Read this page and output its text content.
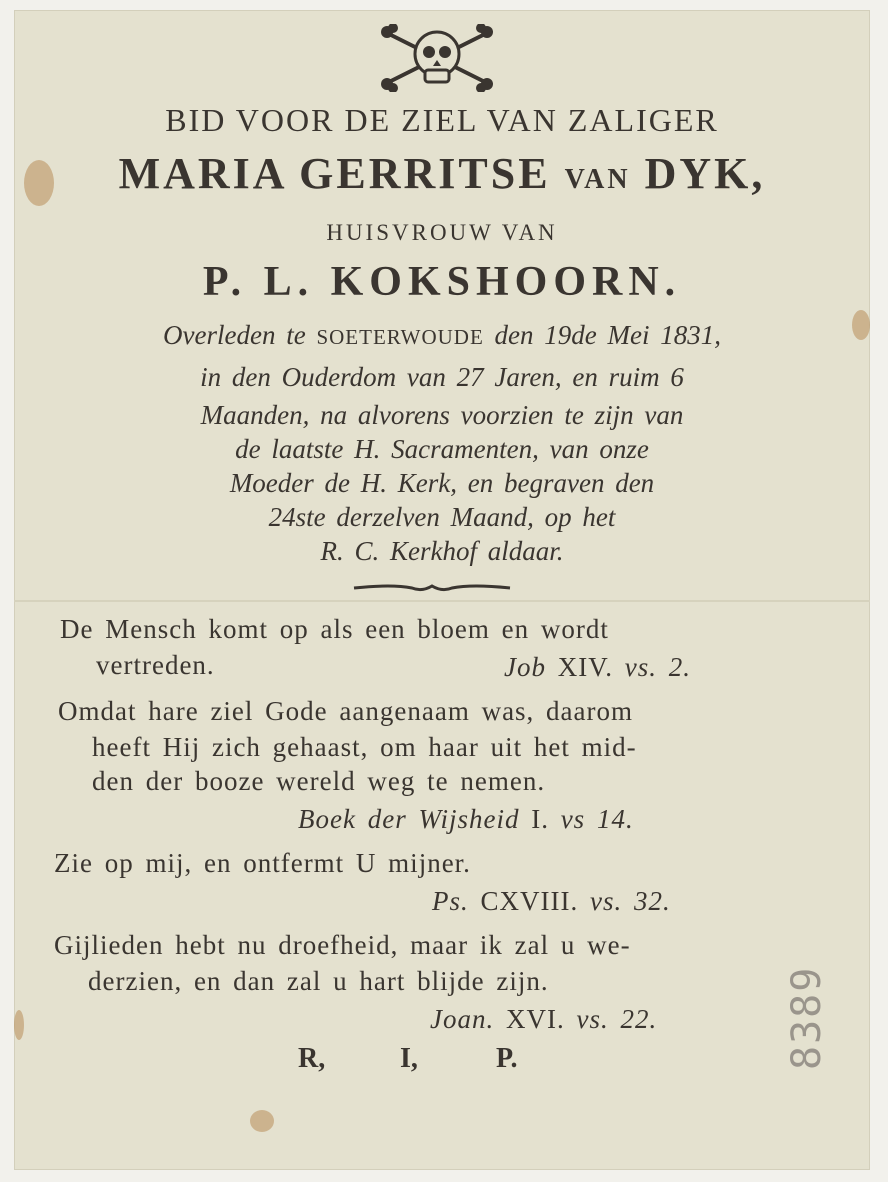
BID VOOR DE ZIEL VAN ZALIGER
MARIA GERRITSE VAN DYK,
HUISVROUW VAN
P. L. KOKSHOORN.
Overleden te SOETERWOUDE den 19de Mei 1831,
in den Ouderdom van 27 Jaren, en ruim 6
Maanden, na alvorens voorzien te zijn van
de laatste H. Sacramenten, van onze
Moeder de H. Kerk, en begraven den
24ste derzelven Maand, op het
R. C. Kerkhof aldaar.
De Mensch komt op als een bloem en wordt
vertreden.	Job XIV. vs. 2.
Omdat hare ziel Gode aangenaam was, daarom
heeft Hij zich gehaast, om haar uit het mid-
den der booze wereld weg te nemen.
Boek der Wijsheid I. vs 14.
Zie op mij, en ontfermt U mijner.
Ps. CXVIII. vs. 32.
Gijlieden hebt nu droefheid, maar ik zal u we-
derzien, en dan zal u hart blijde zijn.
Joan. XVI. vs. 22.
R,	I,	P.	8389
